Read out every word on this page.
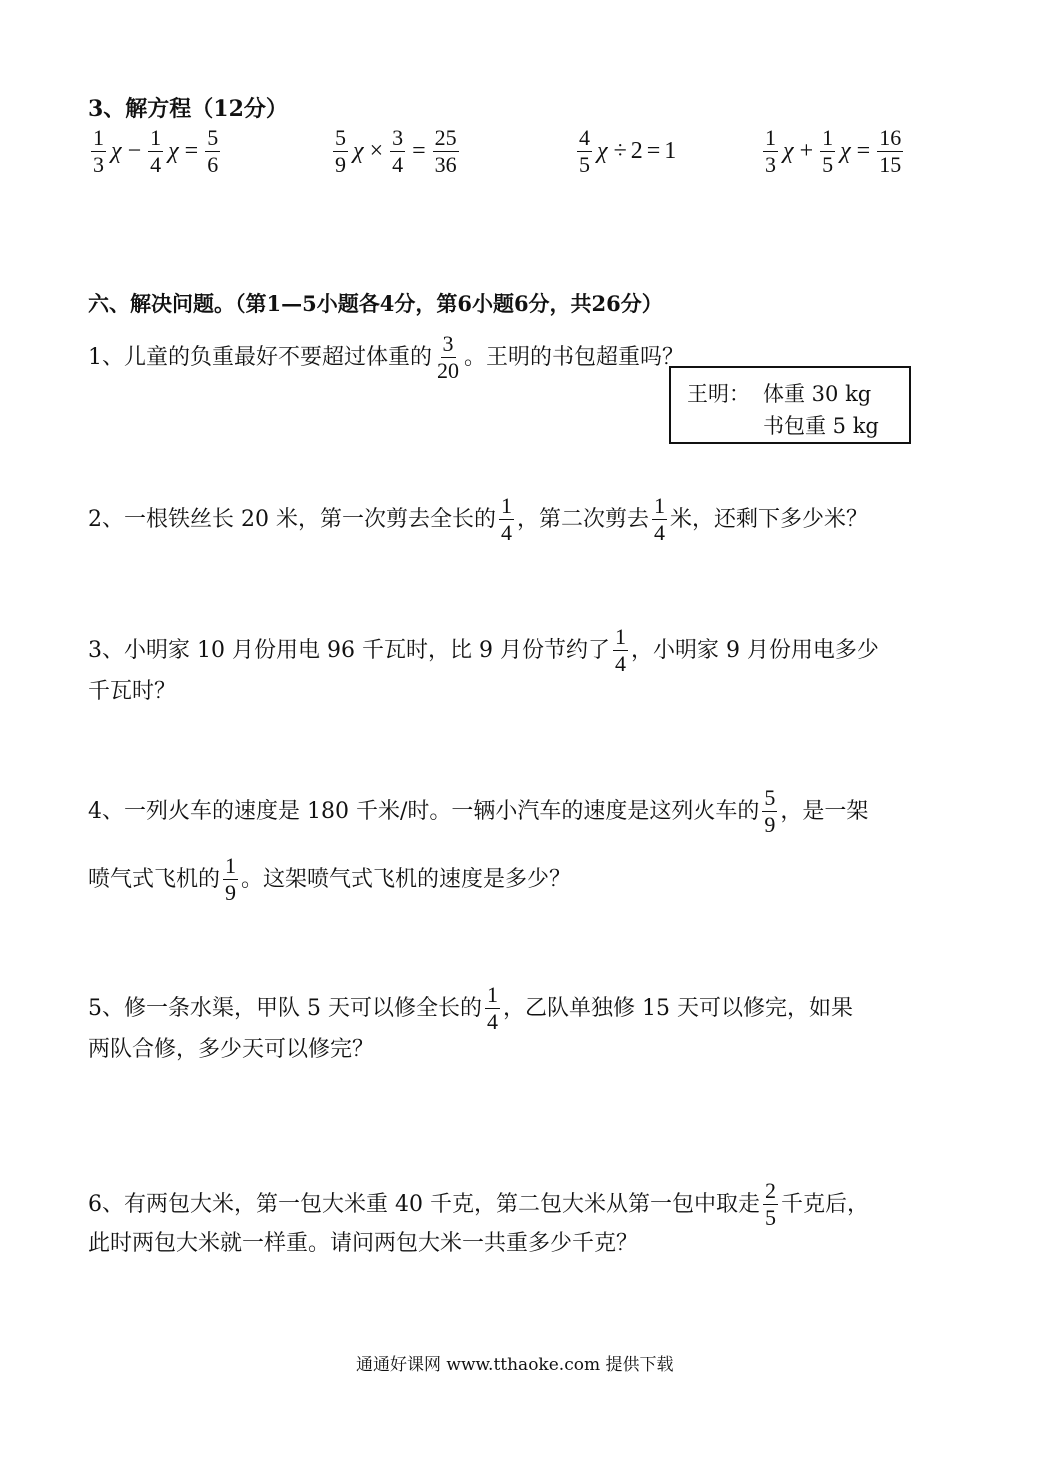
3、解方程（12分）
$\frac{1}{3}$ $\chi - \frac{1}{4}$ $\chi = \frac{5}{6}$	$\frac{5}{9}$ $\chi \times \frac{3}{4} = \frac{25}{36}$	$\frac{4}{5}$ χ ÷ 2 = 1	$\frac{1}{3}$ $\chi + \frac{1}{5}$ $\chi = \frac{16}{15}$
六、解决问题。（第1—5小题各4分，第6小题6分，共26分）
1、儿童的负重最好不要超过体重的 $\frac{3}{20}$ 。王明的书包超重吗？
王明： 体重 30 kg
书包重 5 kg
2、一根铁丝长 20 米，第一次剪去全长的 $\frac{1}{4}$ ，第二次剪去 $\frac{1}{4}$ 米，还剩下多少米？
3、小明家 10 月份用电 96 千瓦时，比 9 月份节约了 $\frac{1}{4}$ ，小明家 9 月份用电多少
千瓦时？
4、一列火车的速度是 180 千米/时。一辆小汽车的速度是这列火车的 $\frac{5}{9}$ ，是一架
喷气式飞机的 $\frac{1}{9}$ 。这架喷气式飞机的速度是多少？
5、修一条水渠，甲队 5 天可以修全长的 $\frac{1}{4}$ ，乙队单独修 15 天可以修完，如果
两队合修，多少天可以修完？
6、有两包大米，第一包大米重 40 千克，第二包大米从第一包中取走 $\frac{2}{5}$ 千克后，
此时两包大米就一样重。请问两包大米一共重多少千克？
通通好课网 www.tthaoke.com 提供下载
